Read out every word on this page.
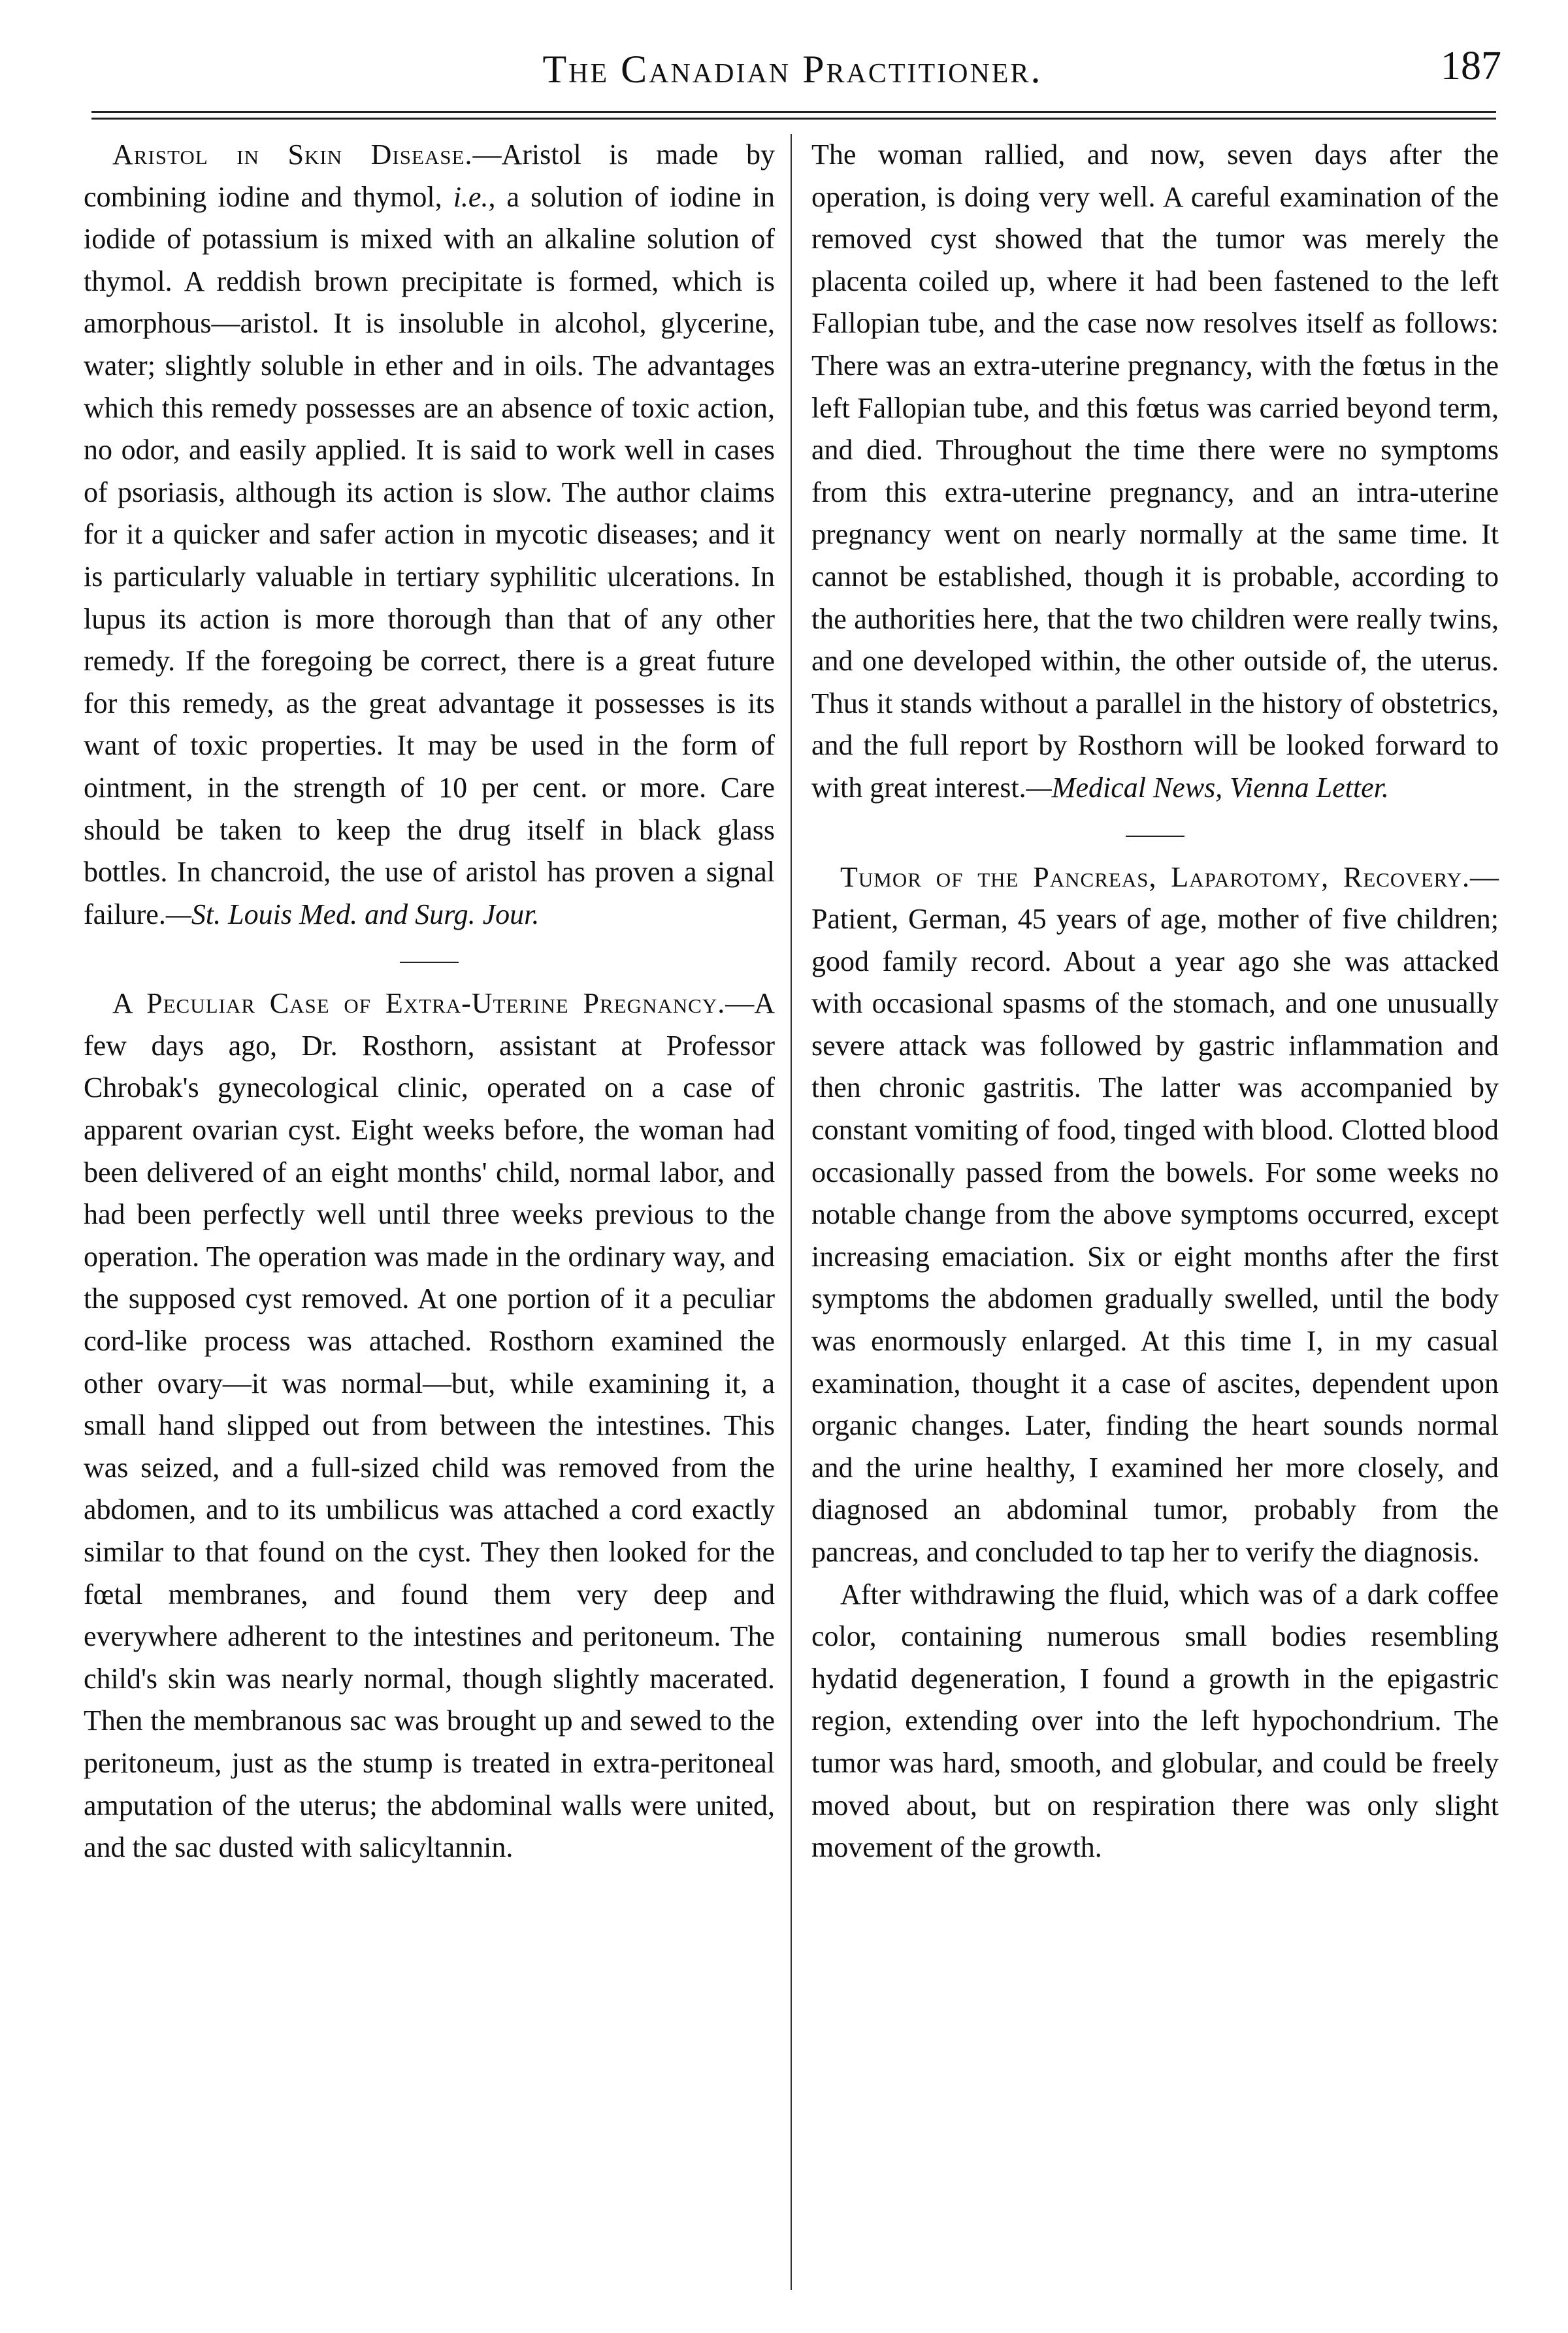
The Canadian Practitioner.	187

Aristol in Skin Disease.—Aristol is made by combining iodine and thymol, i.e., a solution of iodine in iodide of potassium is mixed with an alkaline solution of thymol. A reddish brown precipitate is formed, which is amorphous—aristol. It is insoluble in alcohol, glycerine, water; slightly soluble in ether and in oils. The advantages which this remedy possesses are an absence of toxic action, no odor, and easily applied. It is said to work well in cases of psoriasis, although its action is slow. The author claims for it a quicker and safer action in mycotic diseases; and it is particularly valuable in tertiary syphilitic ulcerations. In lupus its action is more thorough than that of any other remedy. If the foregoing be correct, there is a great future for this remedy, as the great advantage it possesses is its want of toxic properties. It may be used in the form of ointment, in the strength of 10 per cent. or more. Care should be taken to keep the drug itself in black glass bottles. In chancroid, the use of aristol has proven a signal failure.—St. Louis Med. and Surg. Jour.

A Peculiar Case of Extra-Uterine Pregnancy.—A few days ago, Dr. Rosthorn, assistant at Professor Chrobak's gynecological clinic, operated on a case of apparent ovarian cyst. Eight weeks before, the woman had been delivered of an eight months' child, normal labor, and had been perfectly well until three weeks previous to the operation. The operation was made in the ordinary way, and the supposed cyst removed. At one portion of it a peculiar cord-like process was attached. Rosthorn examined the other ovary—it was normal—but, while examining it, a small hand slipped out from between the intestines. This was seized, and a full-sized child was removed from the abdomen, and to its umbilicus was attached a cord exactly similar to that found on the cyst. They then looked for the fœtal membranes, and found them very deep and everywhere adherent to the intestines and peritoneum. The child's skin was nearly normal, though slightly macerated. Then the membranous sac was brought up and sewed to the peritoneum, just as the stump is treated in extra-peritoneal amputation of the uterus; the abdominal walls were united, and the sac dusted with salicyltannin.

The woman rallied, and now, seven days after the operation, is doing very well. A careful examination of the removed cyst showed that the tumor was merely the placenta coiled up, where it had been fastened to the left Fallopian tube, and the case now resolves itself as follows: There was an extra-uterine pregnancy, with the fœtus in the left Fallopian tube, and this fœtus was carried beyond term, and died. Throughout the time there were no symptoms from this extra-uterine pregnancy, and an intra-uterine pregnancy went on nearly normally at the same time. It cannot be established, though it is probable, according to the authorities here, that the two children were really twins, and one developed within, the other outside of, the uterus. Thus it stands without a parallel in the history of obstetrics, and the full report by Rosthorn will be looked forward to with great interest.—Medical News, Vienna Letter.

Tumor of the Pancreas, Laparotomy, Recovery.—Patient, German, 45 years of age, mother of five children; good family record. About a year ago she was attacked with occasional spasms of the stomach, and one unusually severe attack was followed by gastric inflammation and then chronic gastritis. The latter was accompanied by constant vomiting of food, tinged with blood. Clotted blood occasionally passed from the bowels. For some weeks no notable change from the above symptoms occurred, except increasing emaciation. Six or eight months after the first symptoms the abdomen gradually swelled, until the body was enormously enlarged. At this time I, in my casual examination, thought it a case of ascites, dependent upon organic changes. Later, finding the heart sounds normal and the urine healthy, I examined her more closely, and diagnosed an abdominal tumor, probably from the pancreas, and concluded to tap her to verify the diagnosis.

After withdrawing the fluid, which was of a dark coffee color, containing numerous small bodies resembling hydatid degeneration, I found a growth in the epigastric region, extending over into the left hypochondrium. The tumor was hard, smooth, and globular, and could be freely moved about, but on respiration there was only slight movement of the growth.
